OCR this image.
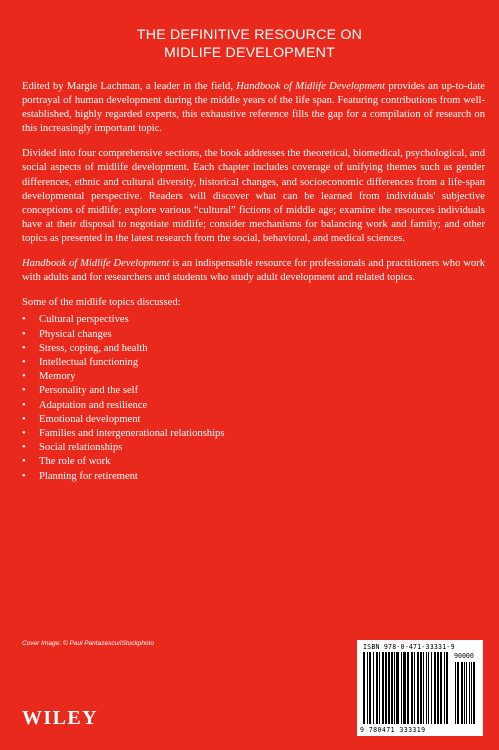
THE DEFINITIVE RESOURCE ON
MIDLIFE DEVELOPMENT

Edited by Margie Lachman, a leader in the field, Handbook of Midlife Development provides an up-to-date portrayal of human development during the middle years of the life span. Featuring contributions from well-established, highly regarded experts, this exhaustive reference fills the gap for a compilation of research on this increasingly important topic.

Divided into four comprehensive sections, the book addresses the theoretical, biomedical, psychological, and social aspects of midlife development. Each chapter includes coverage of unifying themes such as gender differences, ethnic and cultural diversity, historical changes, and socioeconomic differences from a life-span developmental perspective. Readers will discover what can be learned from individuals' subjective conceptions of midlife; explore various “cultural” fictions of middle age; examine the resources individuals have at their disposal to negotiate midlife; consider mechanisms for balancing work and family; and other topics as presented in the latest research from the social, behavioral, and medical sciences.

Handbook of Midlife Development is an indispensable resource for professionals and practitioners who work with adults and for researchers and students who study adult development and related topics.

Some of the midlife topics discussed:
• Cultural perspectives
• Physical changes
• Stress, coping, and health
• Intellectual functioning
• Memory
• Personality and the self
• Adaptation and resilience
• Emotional development
• Families and intergenerational relationships
• Social relationships
• The role of work
• Planning for retirement
Cover Image: © Paul Pantazescu/iStockphoto
WILEY
ISBN 978-0-471-33331-9
90000
9 780471 333319
